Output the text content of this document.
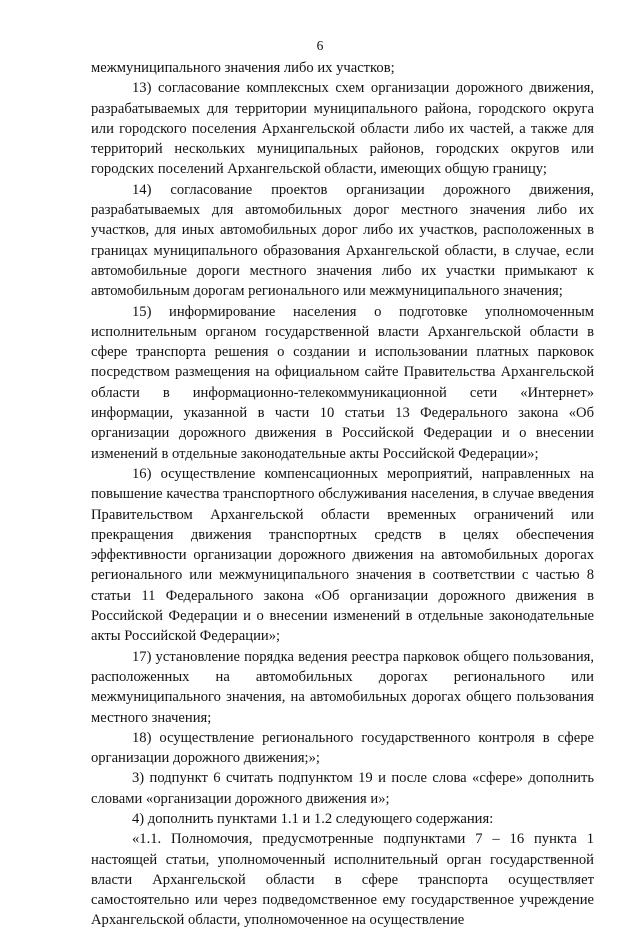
6

межмуниципального значения либо их участков;

13) согласование комплексных схем организации дорожного движения, разрабатываемых для территории муниципального района, городского округа или городского поселения Архангельской области либо их частей, а также для территорий нескольких муниципальных районов, городских округов или городских поселений Архангельской области, имеющих общую границу;

14) согласование проектов организации дорожного движения, разрабатываемых для автомобильных дорог местного значения либо их участков, для иных автомобильных дорог либо их участков, расположенных в границах муниципального образования Архангельской области, в случае, если автомобильные дороги местного значения либо их участки примыкают к автомобильным дорогам регионального или межмуниципального значения;

15) информирование населения о подготовке уполномоченным исполнительным органом государственной власти Архангельской области в сфере транспорта решения о создании и использовании платных парковок посредством размещения на официальном сайте Правительства Архангельской области в информационно-телекоммуникационной сети «Интернет» информации, указанной в части 10 статьи 13 Федерального закона «Об организации дорожного движения в Российской Федерации и о внесении изменений в отдельные законодательные акты Российской Федерации»;

16) осуществление компенсационных мероприятий, направленных на повышение качества транспортного обслуживания населения, в случае введения Правительством Архангельской области временных ограничений или прекращения движения транспортных средств в целях обеспечения эффективности организации дорожного движения на автомобильных дорогах регионального или межмуниципального значения в соответствии с частью 8 статьи 11 Федерального закона «Об организации дорожного движения в Российской Федерации и о внесении изменений в отдельные законодательные акты Российской Федерации»;

17) установление порядка ведения реестра парковок общего пользования, расположенных на автомобильных дорогах регионального или межмуниципального значения, на автомобильных дорогах общего пользования местного значения;

18) осуществление регионального государственного контроля в сфере организации дорожного движения;»;

3) подпункт 6 считать подпунктом 19 и после слова «сфере» дополнить словами «организации дорожного движения и»;

4) дополнить пунктами 1.1 и 1.2 следующего содержания:

«1.1. Полномочия, предусмотренные подпунктами 7 – 16 пункта 1 настоящей статьи, уполномоченный исполнительный орган государственной власти Архангельской области в сфере транспорта осуществляет самостоятельно или через подведомственное ему государственное учреждение Архангельской области, уполномоченное на осуществление
